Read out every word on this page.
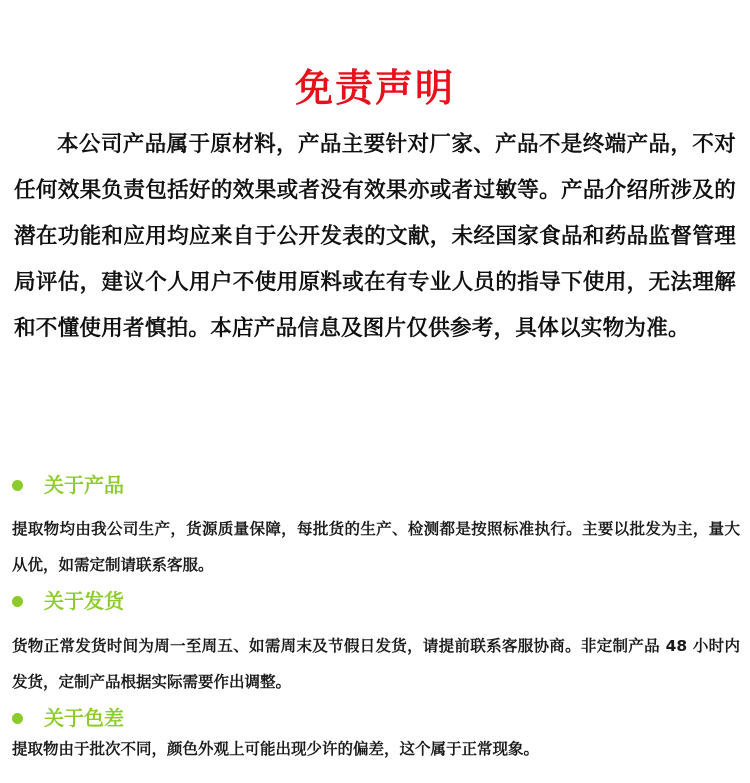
免责声明
本公司产品属于原材料，产品主要针对厂家、产品不是终端产品，不对任何效果负责包括好的效果或者没有效果亦或者过敏等。产品介绍所涉及的潜在功能和应用均应来自于公开发表的文献，未经国家食品和药品监督管理局评估，建议个人用户不使用原料或在有专业人员的指导下使用，无法理解和不懂使用者慎拍。本店产品信息及图片仅供参考，具体以实物为准。
关于产品
提取物均由我公司生产，货源质量保障，每批货的生产、检测都是按照标准执行。主要以批发为主，量大从优，如需定制请联系客服。
关于发货
货物正常发货时间为周一至周五、如需周末及节假日发货，请提前联系客服协商。非定制产品 48 小时内发货，定制产品根据实际需要作出调整。
关于色差
提取物由于批次不同，颜色外观上可能出现少许的偏差，这个属于正常现象。
